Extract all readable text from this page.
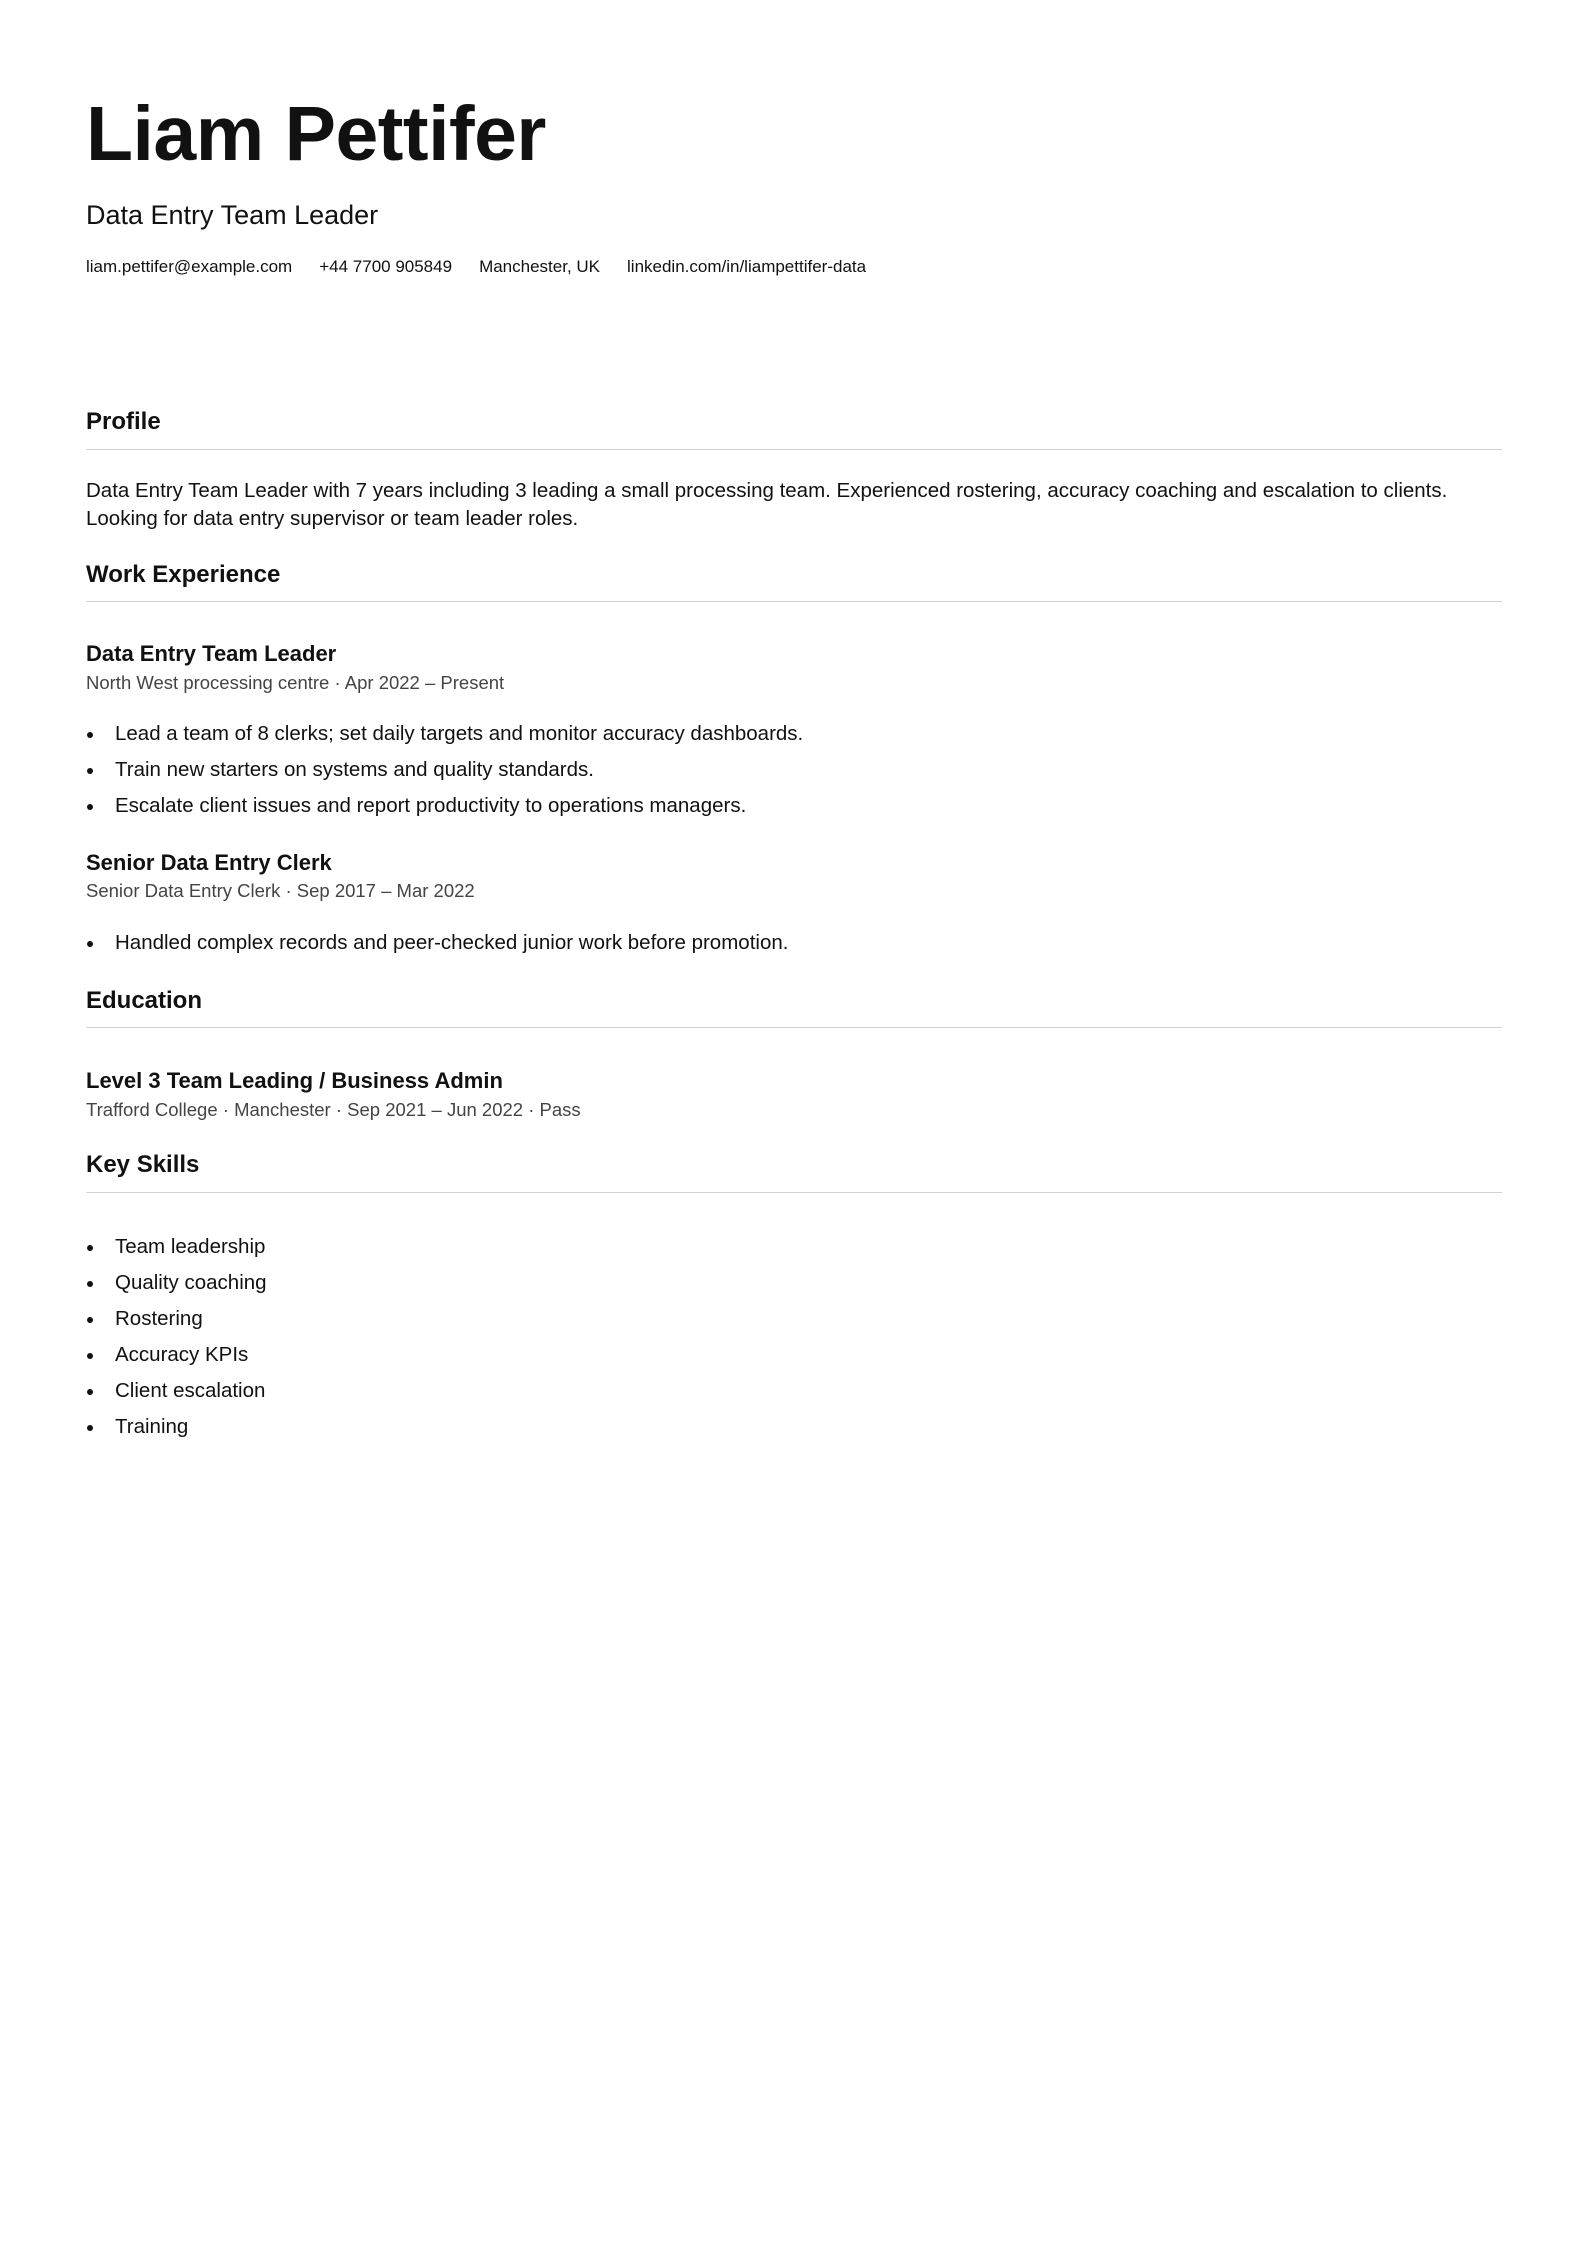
Liam Pettifer
Data Entry Team Leader
liam.pettifer@example.com +44 7700 905849 Manchester, UK linkedin.com/in/liampettifer-data
Profile

Data Entry Team Leader with 7 years including 3 leading a small processing team. Experienced rostering, accuracy coaching and escalation to clients. Looking for data entry supervisor or team leader roles.

Work Experience
Data Entry Team Leader
North West processing centre · Apr 2022 – Present
Lead a team of 8 clerks; set daily targets and monitor accuracy dashboards.
Train new starters on systems and quality standards.
Escalate client issues and report productivity to operations managers.
Senior Data Entry Clerk
Senior Data Entry Clerk · Sep 2017 – Mar 2022
Handled complex records and peer-checked junior work before promotion.
Education
Level 3 Team Leading / Business Admin
Trafford College · Manchester · Sep 2021 – Jun 2022 · Pass
Key Skills
Team leadership
Quality coaching
Rostering
Accuracy KPIs
Client escalation
Training
